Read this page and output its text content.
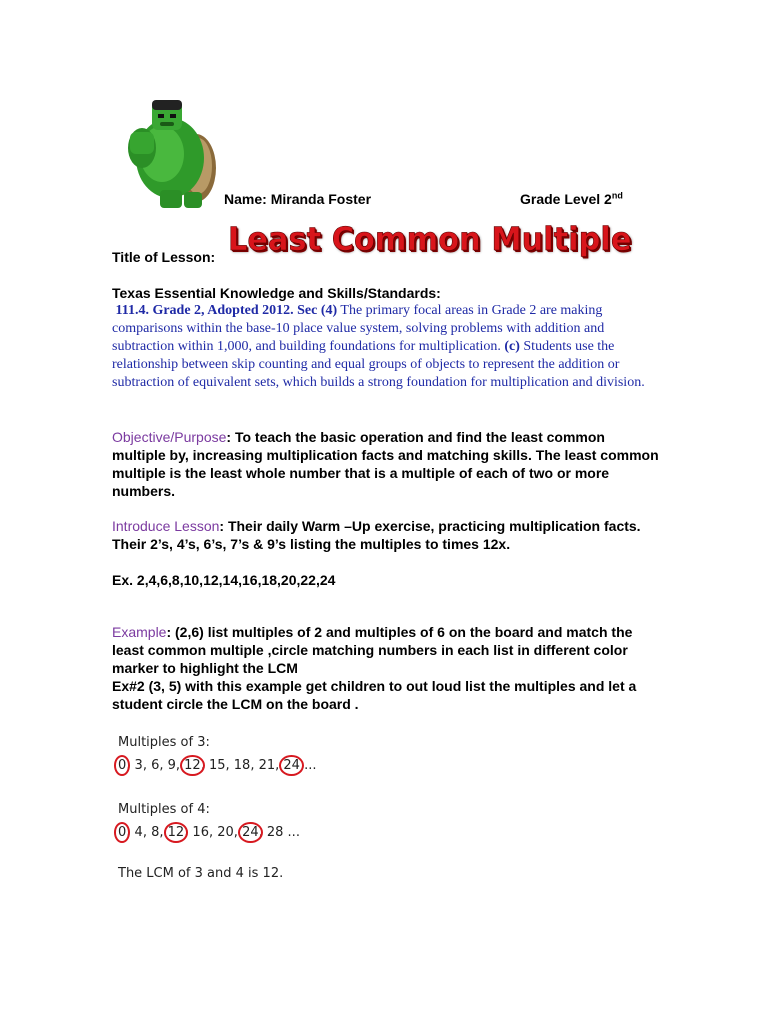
Name: Miranda Foster	Grade Level 2nd
Title of Lesson: Least Common Multiple
Texas Essential Knowledge and Skills/Standards:
111.4. Grade 2, Adopted 2012. Sec (4) The primary focal areas in Grade 2 are making comparisons within the base-10 place value system, solving problems with addition and subtraction within 1,000, and building foundations for multiplication. (c) Students use the relationship between skip counting and equal groups of objects to represent the addition or subtraction of equivalent sets, which builds a strong foundation for multiplication and division.
Objective/Purpose: To teach the basic operation and find the least common multiple by, increasing multiplication facts and matching skills. The least common multiple is the least whole number that is a multiple of each of two or more numbers.
Introduce Lesson: Their daily Warm –Up exercise, practicing multiplication facts. Their 2’s, 4’s, 6’s, 7’s & 9’s listing the multiples to times 12x.
Ex. 2,4,6,8,10,12,14,16,18,20,22,24
Example: (2,6) list multiples of 2 and multiples of 6 on the board and match the least common multiple ,circle matching numbers in each list in different color marker to highlight the LCM
Ex#2 (3, 5) with this example get children to out loud list the multiples and let a student circle the LCM on the board .
Multiples of 3:
0, 3, 6, 9, 12, 15, 18, 21, 24 ...
Multiples of 4:
0, 4, 8, 12, 16, 20, 24, 28 ...
The LCM of 3 and 4 is 12.
